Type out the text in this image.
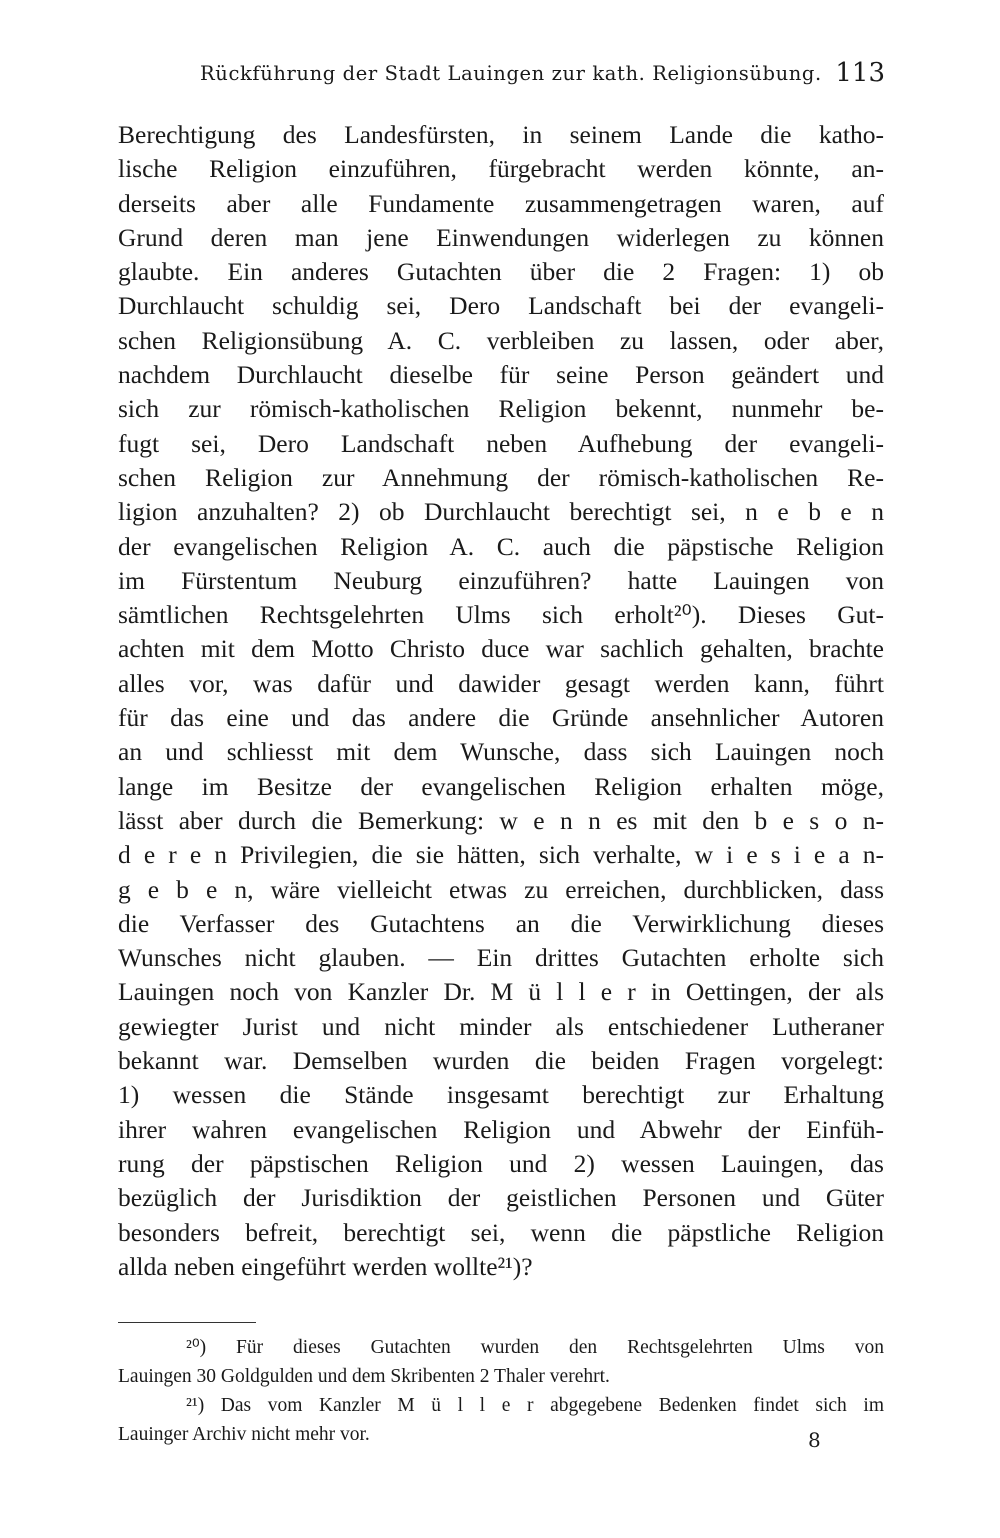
Rückführung der Stadt Lauingen zur kath. Religionsübung. 113
Berechtigung des Landesfürsten, in seinem Lande die katho-
lische Religion einzuführen, fürgebracht werden könnte, an-
derseits aber alle Fundamente zusammengetragen waren, auf
Grund deren man jene Einwendungen widerlegen zu können
glaubte. Ein anderes Gutachten über die 2 Fragen: 1) ob
Durchlaucht schuldig sei, Dero Landschaft bei der evangeli-
schen Religionsübung A. C. verbleiben zu lassen, oder aber,
nachdem Durchlaucht dieselbe für seine Person geändert und
sich zur römisch-katholischen Religion bekennt, nunmehr be-
fugt sei, Dero Landschaft neben Aufhebung der evangeli-
schen Religion zur Annehmung der römisch-katholischen Re-
ligion anzuhalten? 2) ob Durchlaucht berechtigt sei, n e b e n
der evangelischen Religion A. C. auch die päpstische Religion
im Fürstentum Neuburg einzuführen? hatte Lauingen von
sämtlichen Rechtsgelehrten Ulms sich erholt²⁰). Dieses Gut-
achten mit dem Motto Christo duce war sachlich gehalten, brachte
alles vor, was dafür und dawider gesagt werden kann, führt
für das eine und das andere die Gründe ansehnlicher Autoren
an und schliesst mit dem Wunsche, dass sich Lauingen noch
lange im Besitze der evangelischen Religion erhalten möge,
lässt aber durch die Bemerkung: w e n n es mit den b e s o n-
d e r e n Privilegien, die sie hätten, sich verhalte, w i e s i e a n-
g e b e n, wäre vielleicht etwas zu erreichen, durchblicken, dass
die Verfasser des Gutachtens an die Verwirklichung dieses
Wunsches nicht glauben. — Ein drittes Gutachten erholte sich
Lauingen noch von Kanzler Dr. M ü l l e r in Oettingen, der als
gewiegter Jurist und nicht minder als entschiedener Lutheraner
bekannt war. Demselben wurden die beiden Fragen vorgelegt:
1) wessen die Stände insgesamt berechtigt zur Erhaltung
ihrer wahren evangelischen Religion und Abwehr der Einfüh-
rung der päpstischen Religion und 2) wessen Lauingen, das
bezüglich der Jurisdiktion der geistlichen Personen und Güter
besonders befreit, berechtigt sei, wenn die päpstliche Religion
allda neben eingeführt werden wollte²¹)?
²⁰) Für dieses Gutachten wurden den Rechtsgelehrten Ulms von
Lauingen 30 Goldgulden und dem Skribenten 2 Thaler verehrt.
²¹) Das vom Kanzler M ü l l e r abgegebene Bedenken findet sich im
Lauinger Archiv nicht mehr vor.	8
